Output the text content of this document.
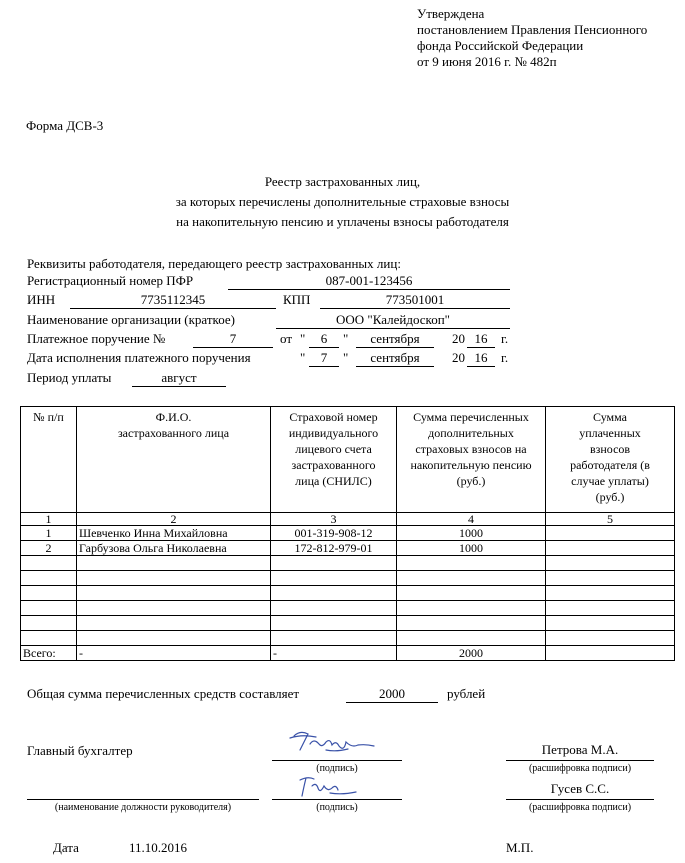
Утверждена
постановлением Правления Пенсионного
фонда Российской Федерации
от 9 июня 2016 г. № 482п
Форма ДСВ-3
Реестр застрахованных лиц,
за которых перечислены дополнительные страховые взносы
на накопительную пенсию и уплачены взносы работодателя
Реквизиты работодателя, передающего реестр застрахованных лиц:
Регистрационный номер ПФР	087-001-123456
ИНН	7735112345	КПП	773501001
Наименование организации (краткое)	ООО "Калейдоскоп"
Платежное поручение №	7	от "	6	"	сентября	20 16	г.
Дата исполнения платежного поручения	"	7	"	сентября	20 16	г.
Период уплаты	август
№ п/п	Ф.И.О. застрахованного лица	Страховой номер индивидуального лицевого счета застрахованного лица (СНИЛС)	Сумма перечисленных дополнительных страховых взносов на накопительную пенсию (руб.)	Сумма уплаченных взносов работодателя (в случае уплаты) (руб.)
1	2	3	4	5
1	Шевченко Инна Михайловна	001-319-908-12	1000	
2	Гарбузова Ольга Николаевна	172-812-979-01	1000	

Всего:	-	-	2000	
Общая сумма перечисленных средств составляет	2000	рублей
Главный бухгалтер
(подпись)
Петрова М.А.
(расшифровка подписи)
(наименование должности руководителя)	(подпись)
Гусев С.С.
(расшифровка подписи)
Дата	11.10.2016	М.П.
